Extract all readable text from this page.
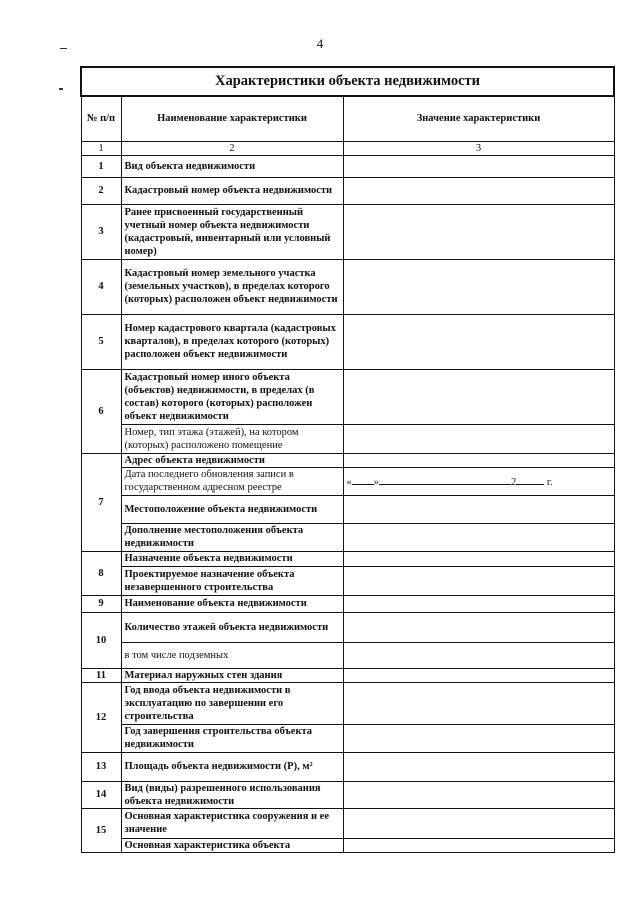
4
Характеристики объекта недвижимости		
№ п/п	Наименование характеристики	Значение характеристики
1	2	3
1	Вид объекта недвижимости	
2	Кадастровый номер объекта недвижимости	
3	Ранее присвоенный государственный учетный номер объекта недвижимости (кадастровый, инвентарный или условный номер)	
4	Кадастровый номер земельного участка (земельных участков), в пределах которого (которых) расположен объект недвижимости	
5	Номер кадастрового квартала (кадастровых кварталов), в пределах которого (которых) расположен объект недвижимости	
6	Кадастровый номер иного объекта (объектов) недвижимости, в пределах (в состав) которого (которых) расположен объект недвижимости	
	Номер, тип этажа (этажей), на котором (которых) расположено помещение	
7	Адрес объекта недвижимости	
	Дата последнего обновления записи в государственном адресном реестре	« » 2 г.
	Местоположение объекта недвижимости	
	Дополнение местоположения объекта недвижимости	
8	Назначение объекта недвижимости	
	Проектируемое назначение объекта незавершенного строительства	
9	Наименование объекта недвижимости	
10	Количество этажей объекта недвижимости	
	в том числе подземных	
11	Материал наружных стен здания	
12	Год ввода объекта недвижимости в эксплуатацию по завершении его строительства	
	Год завершения строительства объекта недвижимости	
13	Площадь объекта недвижимости (Р), м²	
14	Вид (виды) разрешенного использования объекта недвижимости	
15	Основная характеристика сооружения и ее значение	
	Основная характеристика объекта	
